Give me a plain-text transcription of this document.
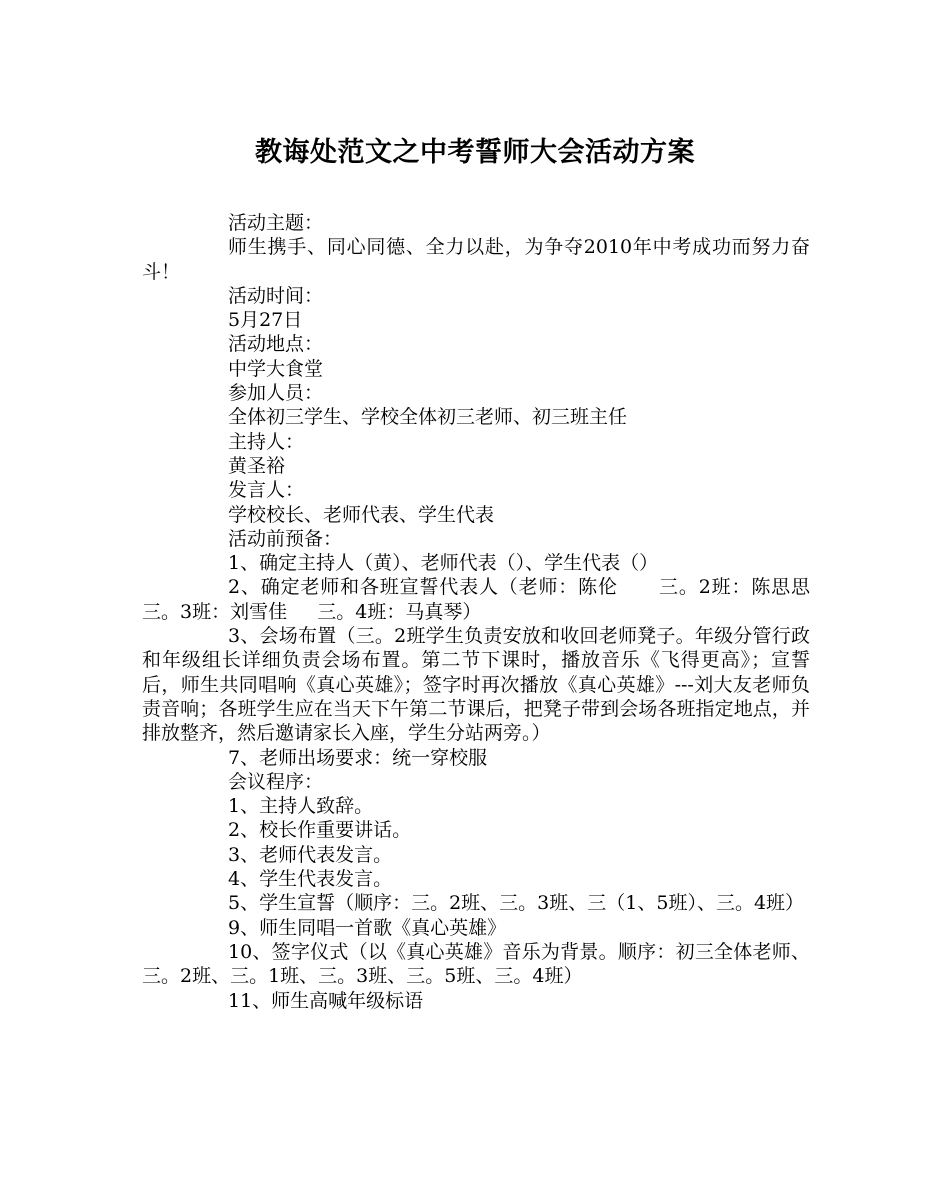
教诲处范文之中考誓师大会活动方案

活动主题：

师生携手、同心同德、全力以赴，为争夺2010年中考成功而努力奋斗！

活动时间：

5月27日

活动地点：

中学大食堂

参加人员：

全体初三学生、学校全体初三老师、初三班主任

主持人：

黄圣裕

发言人：

学校校长、老师代表、学生代表

活动前预备：

1、确定主持人（黄）、老师代表（）、学生代表（）

2、确定老师和各班宣誓代表人（老师：陈伦      三。2班：陈思思       三。3班：刘雪佳     三。4班：马真琴）

3、会场布置（三。2班学生负责安放和收回老师凳子。年级分管行政和年级组长详细负责会场布置。第二节下课时，播放音乐《飞得更高》；宣誓后，师生共同唱响《真心英雄》；签字时再次播放《真心英雄》---刘大友老师负责音响；各班学生应在当天下午第二节课后，把凳子带到会场各班指定地点，并排放整齐，然后邀请家长入座，学生分站两旁。）

7、老师出场要求：统一穿校服

会议程序：

1、主持人致辞。

2、校长作重要讲话。

3、老师代表发言。

4、学生代表发言。

5、学生宣誓（顺序：三。2班、三。3班、三（1、5班）、三。4班）

9、师生同唱一首歌《真心英雄》

10、签字仪式（以《真心英雄》音乐为背景。顺序：初三全体老师、三。2班、三。1班、三。3班、三。5班、三。4班）

11、师生高喊年级标语
